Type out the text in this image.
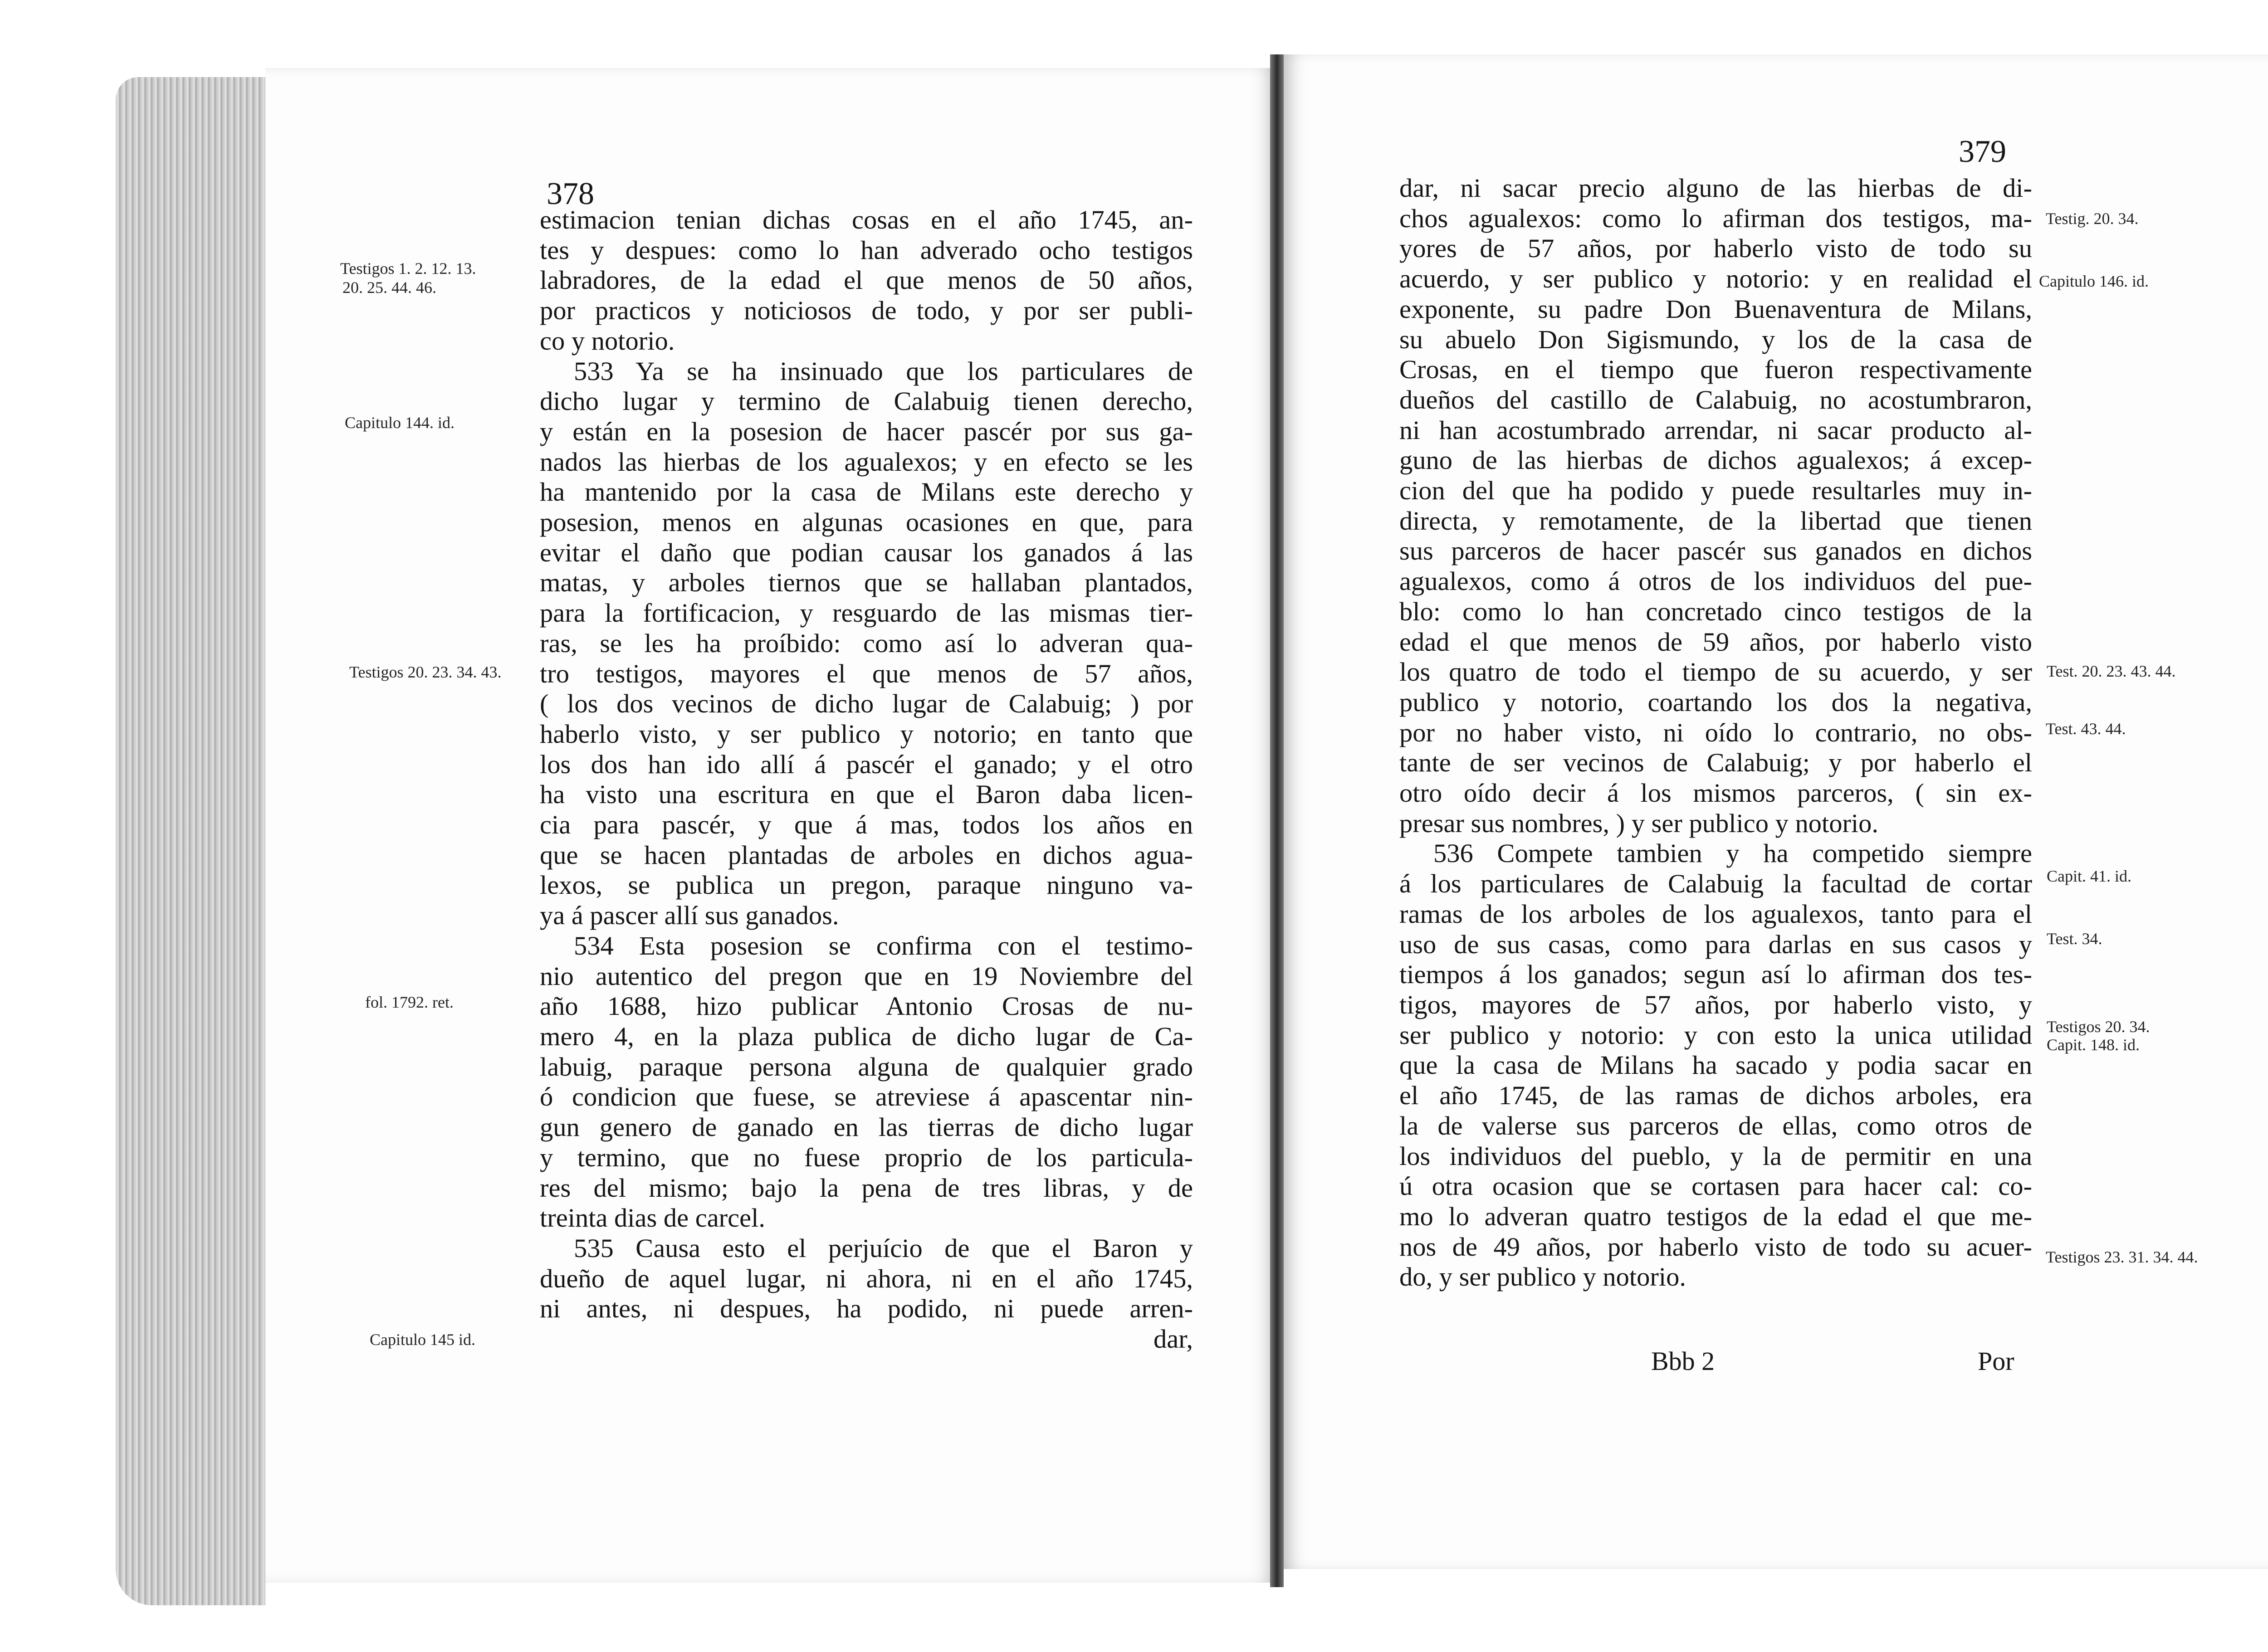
378
estimacion tenian dichas cosas en el año 1745, an-
tes y despues: como lo han adverado ocho testigos
labradores, de la edad el que menos de 50 años,
por practicos y noticiosos de todo, y por ser publi-
co y notorio.
533 Ya se ha insinuado que los particulares de
dicho lugar y termino de Calabuig tienen derecho,
y están en la posesion de hacer pascér por sus ga-
nados las hierbas de los agualexos; y en efecto se les
ha mantenido por la casa de Milans este derecho y
posesion, menos en algunas ocasiones en que, para
evitar el daño que podian causar los ganados á las
matas, y arboles tiernos que se hallaban plantados,
para la fortificacion, y resguardo de las mismas tier-
ras, se les ha proíbido: como así lo adveran qua-
tro testigos, mayores el que menos de 57 años,
( los dos vecinos de dicho lugar de Calabuig; ) por
haberlo visto, y ser publico y notorio; en tanto que
los dos han ido allí á pascér el ganado; y el otro
ha visto una escritura en que el Baron daba licen-
cia para pascér, y que á mas, todos los años en
que se hacen plantadas de arboles en dichos agua-
lexos, se publica un pregon, paraque ninguno va-
ya á pascer allí sus ganados.
534 Esta posesion se confirma con el testimo-
nio autentico del pregon que en 19 Noviembre del
año 1688, hizo publicar Antonio Crosas de nu-
mero 4, en la plaza publica de dicho lugar de Ca-
labuig, paraque persona alguna de qualquier grado
ó condicion que fuese, se atreviese á apascentar nin-
gun genero de ganado en las tierras de dicho lugar
y termino, que no fuese proprio de los particula-
res del mismo; bajo la pena de tres libras, y de
treinta dias de carcel.
535 Causa esto el perjuício de que el Baron y
dueño de aquel lugar, ni ahora, ni en el año 1745,
ni antes, ni despues, ha podido, ni puede arren-
dar,
Testigos 1. 2. 12. 13.
20. 25. 44. 46.
Capitulo 144. id.
Testigos 20. 23. 34. 43.
fol. 1792. ret.
Capitulo 145 id.
379
dar, ni sacar precio alguno de las hierbas de di-
chos agualexos: como lo afirman dos testigos, ma-
yores de 57 años, por haberlo visto de todo su
acuerdo, y ser publico y notorio: y en realidad el
exponente, su padre Don Buenaventura de Milans,
su abuelo Don Sigismundo, y los de la casa de
Crosas, en el tiempo que fueron respectivamente
dueños del castillo de Calabuig, no acostumbraron,
ni han acostumbrado arrendar, ni sacar producto al-
guno de las hierbas de dichos agualexos; á excep-
cion del que ha podido y puede resultarles muy in-
directa, y remotamente, de la libertad que tienen
sus parceros de hacer pascér sus ganados en dichos
agualexos, como á otros de los individuos del pue-
blo: como lo han concretado cinco testigos de la
edad el que menos de 59 años, por haberlo visto
los quatro de todo el tiempo de su acuerdo, y ser
publico y notorio, coartando los dos la negativa,
por no haber visto, ni oído lo contrario, no obs-
tante de ser vecinos de Calabuig; y por haberlo el
otro oído decir á los mismos parceros, ( sin ex-
presar sus nombres, ) y ser publico y notorio.
536 Compete tambien y ha competido siempre
á los particulares de Calabuig la facultad de cortar
ramas de los arboles de los agualexos, tanto para el
uso de sus casas, como para darlas en sus casos y
tiempos á los ganados; segun así lo afirman dos tes-
tigos, mayores de 57 años, por haberlo visto, y
ser publico y notorio: y con esto la unica utilidad
que la casa de Milans ha sacado y podia sacar en
el año 1745, de las ramas de dichos arboles, era
la de valerse sus parceros de ellas, como otros de
los individuos del pueblo, y la de permitir en una
ú otra ocasion que se cortasen para hacer cal: co-
mo lo adveran quatro testigos de la edad el que me-
nos de 49 años, por haberlo visto de todo su acuer-
do, y ser publico y notorio.
Testig. 20. 34.
Capitulo 146. id.
Test. 20. 23. 43. 44.
Test. 43. 44.
Capit. 41. id.
Test. 34.
Testigos 20. 34.
Capit. 148. id.
Testigos 23. 31. 34. 44.
Bbb 2	Por
